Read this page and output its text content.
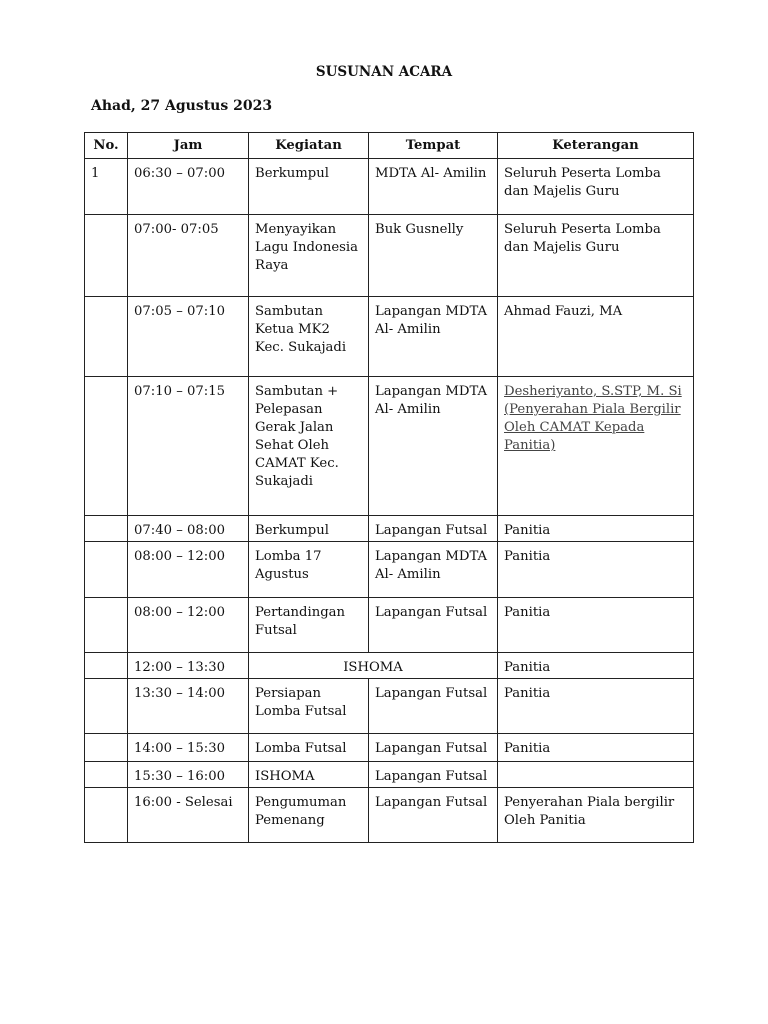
SUSUNAN ACARA
Ahad, 27 Agustus 2023
No.	Jam	Kegiatan	Tempat	Keterangan
1	06:30 – 07:00	Berkumpul	MDTA Al- Amilin	Seluruh Peserta Lomba dan Majelis Guru
	07:00- 07:05	Menyayikan Lagu Indonesia Raya	Buk Gusnelly	Seluruh Peserta Lomba dan Majelis Guru
	07:05 – 07:10	Sambutan Ketua MK2 Kec. Sukajadi	Lapangan MDTA Al- Amilin	Ahmad Fauzi, MA
	07:10 – 07:15	Sambutan + Pelepasan Gerak Jalan Sehat Oleh CAMAT Kec. Sukajadi	Lapangan MDTA Al- Amilin	Desheriyanto, S.STP, M. Si (Penyerahan Piala Bergilir Oleh CAMAT Kepada Panitia)
	07:40 – 08:00	Berkumpul	Lapangan Futsal	Panitia
	08:00 – 12:00	Lomba 17 Agustus	Lapangan MDTA Al- Amilin	Panitia
	08:00 – 12:00	Pertandingan Futsal	Lapangan Futsal	Panitia
	12:00 – 13:30	ISHOMA		Panitia
	13:30 – 14:00	Persiapan Lomba Futsal	Lapangan Futsal	Panitia
	14:00 – 15:30	Lomba Futsal	Lapangan Futsal	Panitia
	15:30 – 16:00	ISHOMA	Lapangan Futsal	
	16:00 - Selesai	Pengumuman Pemenang	Lapangan Futsal	Penyerahan Piala bergilir Oleh Panitia
